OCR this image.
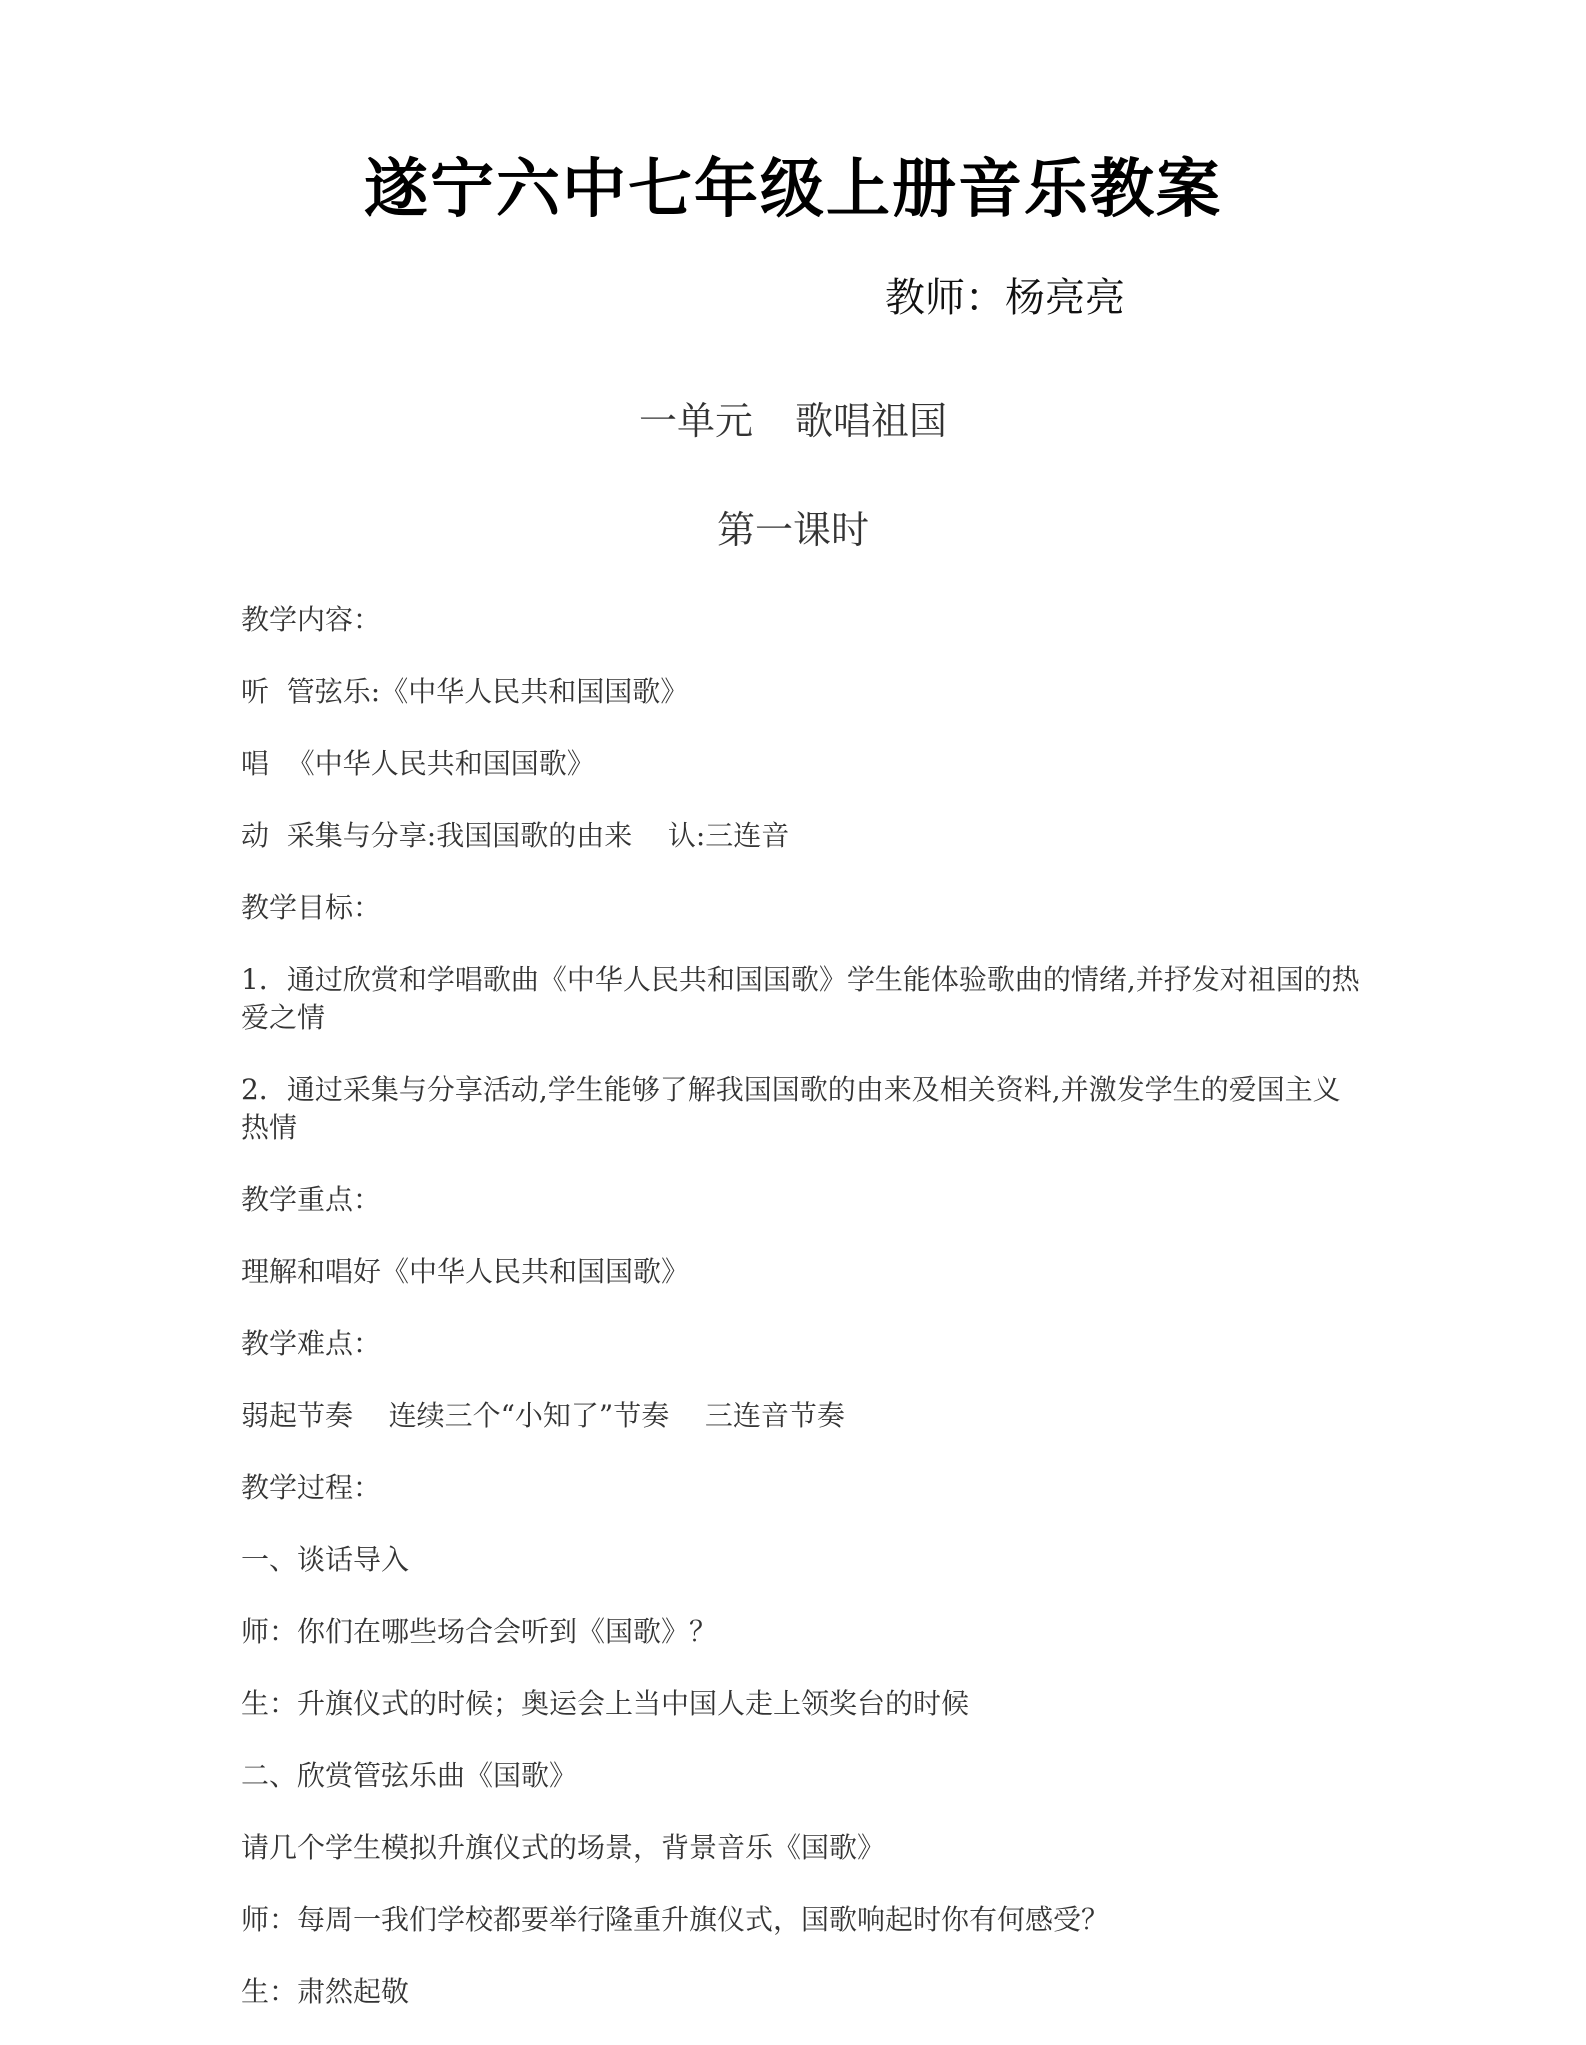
遂宁六中七年级上册音乐教案
教师：杨亮亮
一单元 歌唱祖国
第一课时

教学内容：

听  管弦乐:《中华人民共和国国歌》

唱  《中华人民共和国国歌》

动  采集与分享:我国国歌的由来    认:三连音

教学目标：

1．通过欣赏和学唱歌曲《中华人民共和国国歌》学生能体验歌曲的情绪,并抒发对祖国的热爱之情

2．通过采集与分享活动,学生能够了解我国国歌的由来及相关资料,并激发学生的爱国主义热情

教学重点：

理解和唱好《中华人民共和国国歌》

教学难点：

弱起节奏    连续三个“小知了”节奏    三连音节奏

教学过程：

一、谈话导入

师：你们在哪些场合会听到《国歌》？

生：升旗仪式的时候；奥运会上当中国人走上领奖台的时候

二、欣赏管弦乐曲《国歌》

请几个学生模拟升旗仪式的场景，背景音乐《国歌》

师：每周一我们学校都要举行隆重升旗仪式，国歌响起时你有何感受？

生：肃然起敬
